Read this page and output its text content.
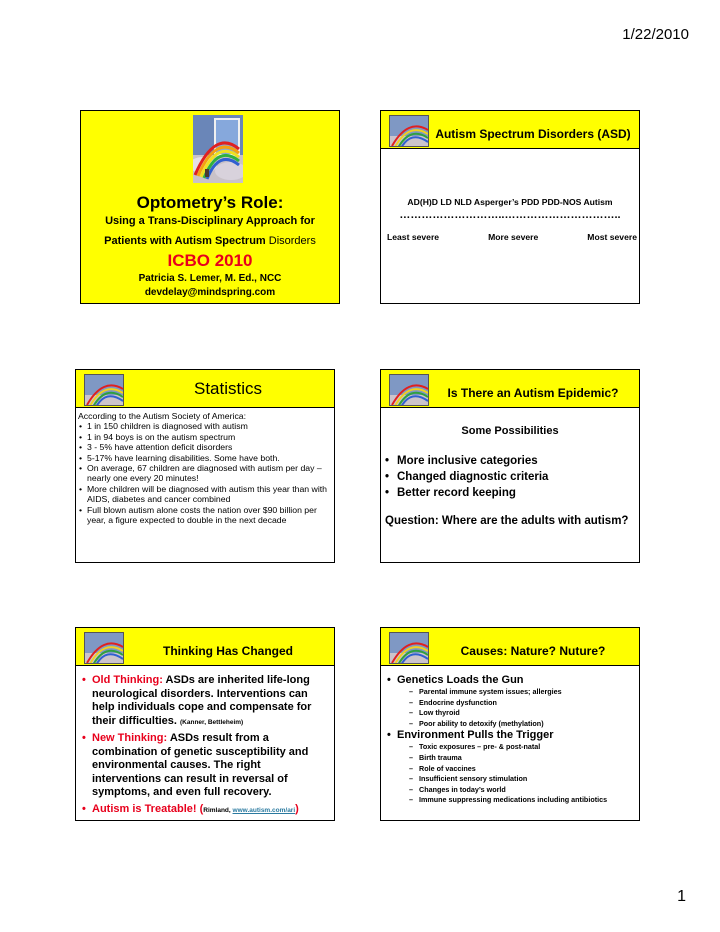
1/22/2010
Optometry’s Role:
Using a Trans-Disciplinary Approach for
Patients with Autism Spectrum Disorders
ICBO 2010
Patricia S. Lemer, M. Ed., NCC
devdelay@mindspring.com
Autism Spectrum Disorders (ASD)
AD(H)D LD NLD Asperger’s PDD PDD-NOS Autism
………………………..…………………………..
Least severe	More severe	Most severe
Statistics
According to the Autism Society of America:
• 1 in 150 children is diagnosed with autism
• 1 in 94 boys is on the autism spectrum
• 3 - 5% have attention deficit disorders
• 5-17% have learning disabilities. Some have both.
• On average, 67 children are diagnosed with autism per day – nearly one every 20 minutes!
• More children will be diagnosed with autism this year than with AIDS, diabetes and cancer combined
• Full blown autism alone costs the nation over $90 billion per year, a figure expected to double in the next decade
Is There an Autism Epidemic?
Some Possibilities
• More inclusive categories
• Changed diagnostic criteria
• Better record keeping
Question: Where are the adults with autism?
Thinking Has Changed
• Old Thinking: ASDs are inherited life-long neurological disorders. Interventions can help individuals cope and compensate for their difficulties. (Kanner, Bettleheim)
• New Thinking: ASDs result from a combination of genetic susceptibility and environmental causes. The right interventions can result in reversal of symptoms, and even full recovery.
• Autism is Treatable! (Rimland, www.autism.com/ari)
Causes: Nature? Nuture?
• Genetics Loads the Gun
– Parental immune system issues; allergies
– Endocrine dysfunction
– Low thyroid
– Poor ability to detoxify (methylation)
• Environment Pulls the Trigger
– Toxic exposures – pre- & post-natal
– Birth trauma
– Role of vaccines
– Insufficient sensory stimulation
– Changes in today’s world
– Immune suppressing medications including antibiotics
1
